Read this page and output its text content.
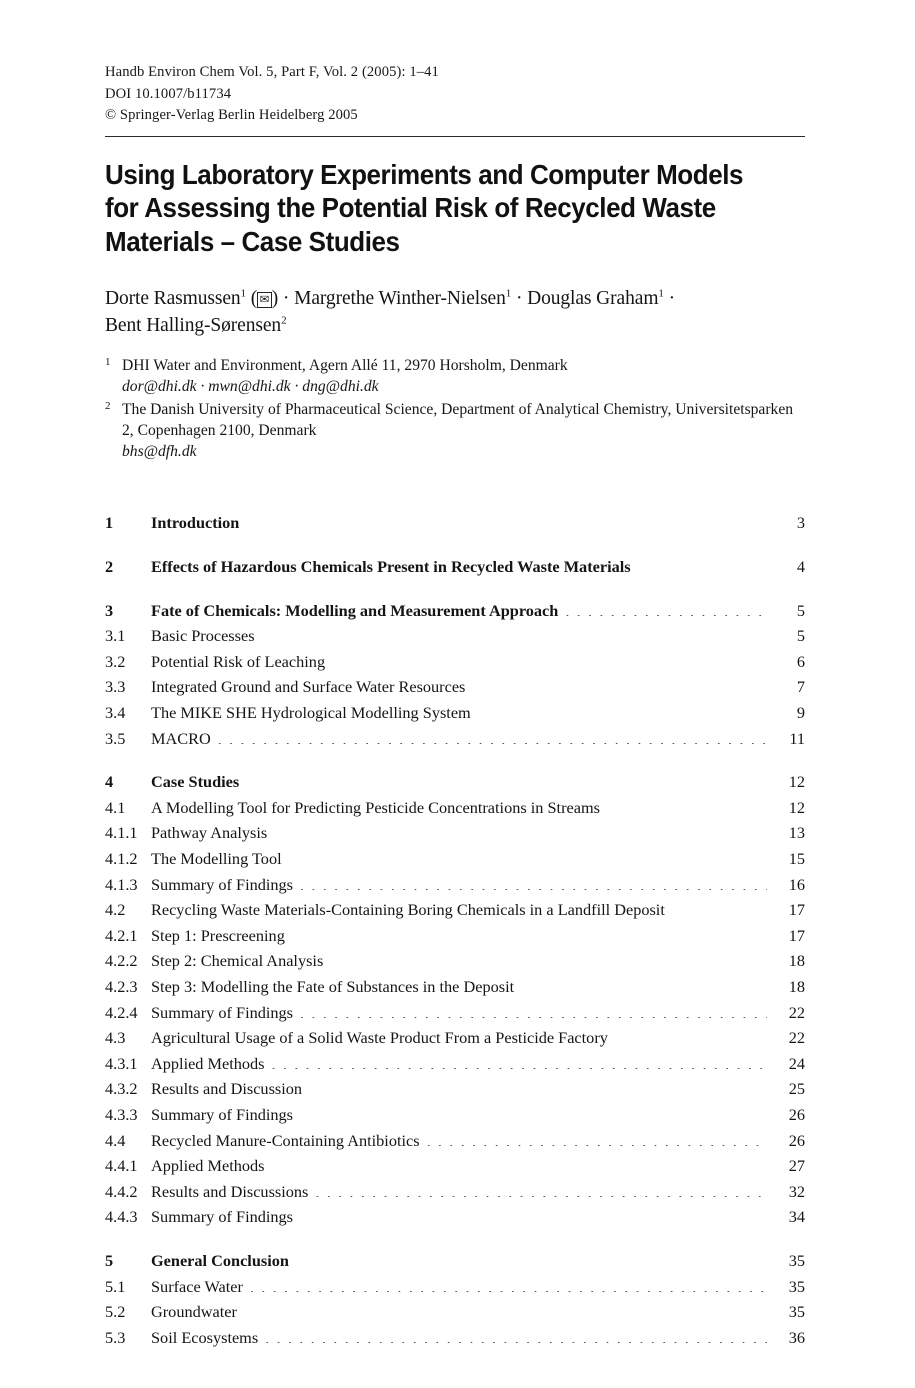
Handb Environ Chem Vol. 5, Part F, Vol. 2 (2005): 1–41
DOI 10.1007/b11734
© Springer-Verlag Berlin Heidelberg 2005
Using Laboratory Experiments and Computer Models
for Assessing the Potential Risk of Recycled Waste
Materials – Case Studies
Dorte Rasmussen$^1$ ( ✉ ) · Margrethe Winther-Nielsen$^1$ · Douglas Graham$^1$ ·
Bent Halling-Sørensen$^2$
1 DHI Water and Environment, Agern Allé 11, 2970 Horsholm, Denmark
dor@dhi.dk · mwn@dhi.dk · dng@dhi.dk
2 The Danish University of Pharmaceutical Science, Department of Analytical Chemistry, Universitetsparken 2, Copenhagen 2100, Denmark
bhs@dfh.dk
1	Introduction . . .	3
2	Effects of Hazardous Chemicals Present in Recycled Waste Materials . . .	4
3	Fate of Chemicals: Modelling and Measurement Approach . . .	5
3.1	Basic Processes . . .	5
3.2	Potential Risk of Leaching . . .	6
3.3	Integrated Ground and Surface Water Resources . . .	7
3.4	The MIKE SHE Hydrological Modelling System . . .	9
3.5	MACRO . . .	11
4	Case Studies . . .	12
4.1	A Modelling Tool for Predicting Pesticide Concentrations in Streams . . .	12
4.1.1 Pathway Analysis . . .	13
4.1.2 The Modelling Tool . . .	15
4.1.3 Summary of Findings . . .	16
4.2	Recycling Waste Materials-Containing Boring Chemicals in a Landfill Deposit	17
4.2.1 Step 1: Prescreening . . .	17
4.2.2 Step 2: Chemical Analysis . . .	18
4.2.3 Step 3: Modelling the Fate of Substances in the Deposit . . .	18
4.2.4 Summary of Findings . . .	22
4.3	Agricultural Usage of a Solid Waste Product From a Pesticide Factory . . .	22
4.3.1 Applied Methods . . .	24
4.3.2 Results and Discussion . . .	25
4.3.3 Summary of Findings . . .	26
4.4	Recycled Manure-Containing Antibiotics . . .	26
4.4.1 Applied Methods . . .	27
4.4.2 Results and Discussions . . .	32
4.4.3 Summary of Findings . . .	34
5	General Conclusion . . .	35
5.1	Surface Water . . .	35
5.2	Groundwater . . .	35
5.3	Soil Ecosystems . . .	36
